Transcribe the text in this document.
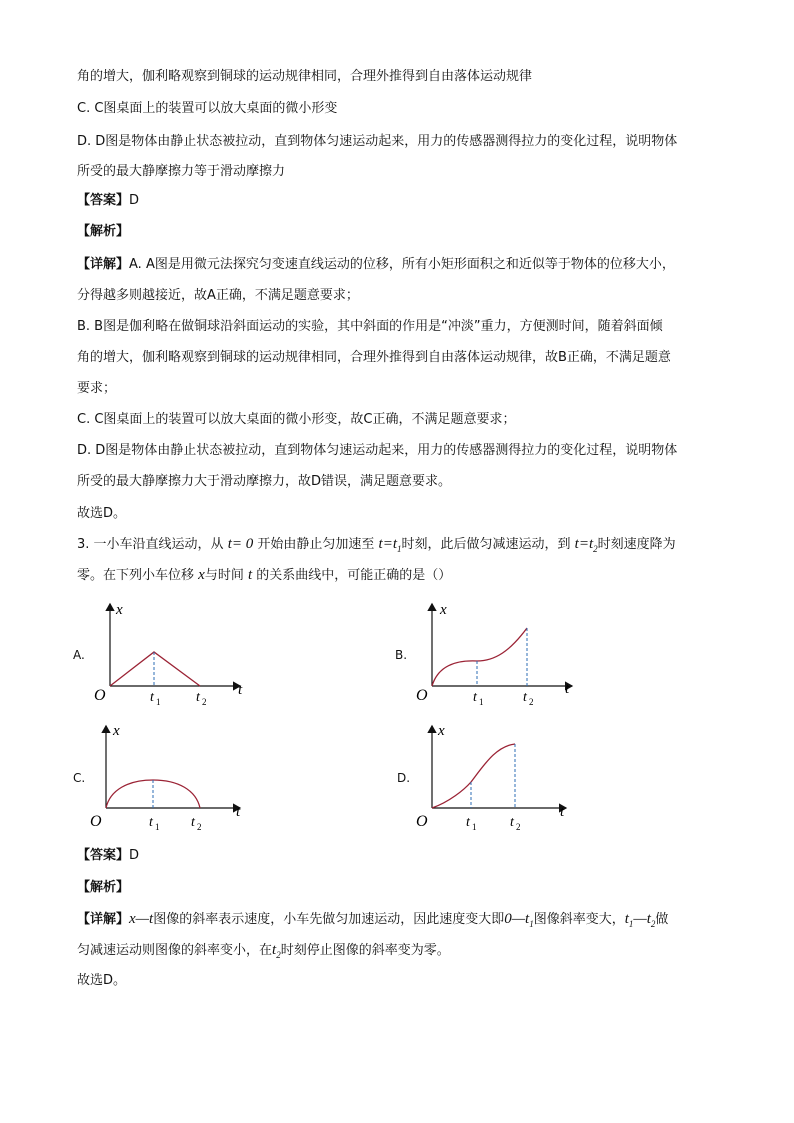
角的增大，伽利略观察到铜球的运动规律相同，合理外推得到自由落体运动规律
C. C图桌面上的装置可以放大桌面的微小形变
D. D图是物体由静止状态被拉动，直到物体匀速运动起来，用力的传感器测得拉力的变化过程，说明物体
所受的最大静摩擦力等于滑动摩擦力
【答案】D
【解析】
【详解】A. A图是用微元法探究匀变速直线运动的位移，所有小矩形面积之和近似等于物体的位移大小，
分得越多则越接近，故A正确，不满足题意要求；
B. B图是伽利略在做铜球沿斜面运动的实验，其中斜面的作用是“冲淡”重力，方便测时间，随着斜面倾
角的增大，伽利略观察到铜球的运动规律相同，合理外推得到自由落体运动规律，故B正确，不满足题意
要求；
C. C图桌面上的装置可以放大桌面的微小形变，故C正确，不满足题意要求；
D. D图是物体由静止状态被拉动，直到物体匀速运动起来，用力的传感器测得拉力的变化过程，说明物体
所受的最大静摩擦力大于滑动摩擦力，故D错误，满足题意要求。
故选D。
3. 一小车沿直线运动，从 t= 0 开始由静止匀加速至 $t=t_1$时刻，此后做匀减速运动，到 $t=t_2$时刻速度降为
零。在下列小车位移 x与时间 t 的关系曲线中，可能正确的是（）
A.	B.
C.	D.
x
t
O	t 1	t 2
x
t
O	t 1	t 2
x
t
O	t 1 t 2
x
t
O	t 1 t 2
【答案】D
【解析】
【详解】x—t图像的斜率表示速度，小车先做匀加速运动，因此速度变大即$0—t_1$图像斜率变大，$t_1—t_2$做
匀减速运动则图像的斜率变小，在$t_2$时刻停止图像的斜率变为零。
故选D。
